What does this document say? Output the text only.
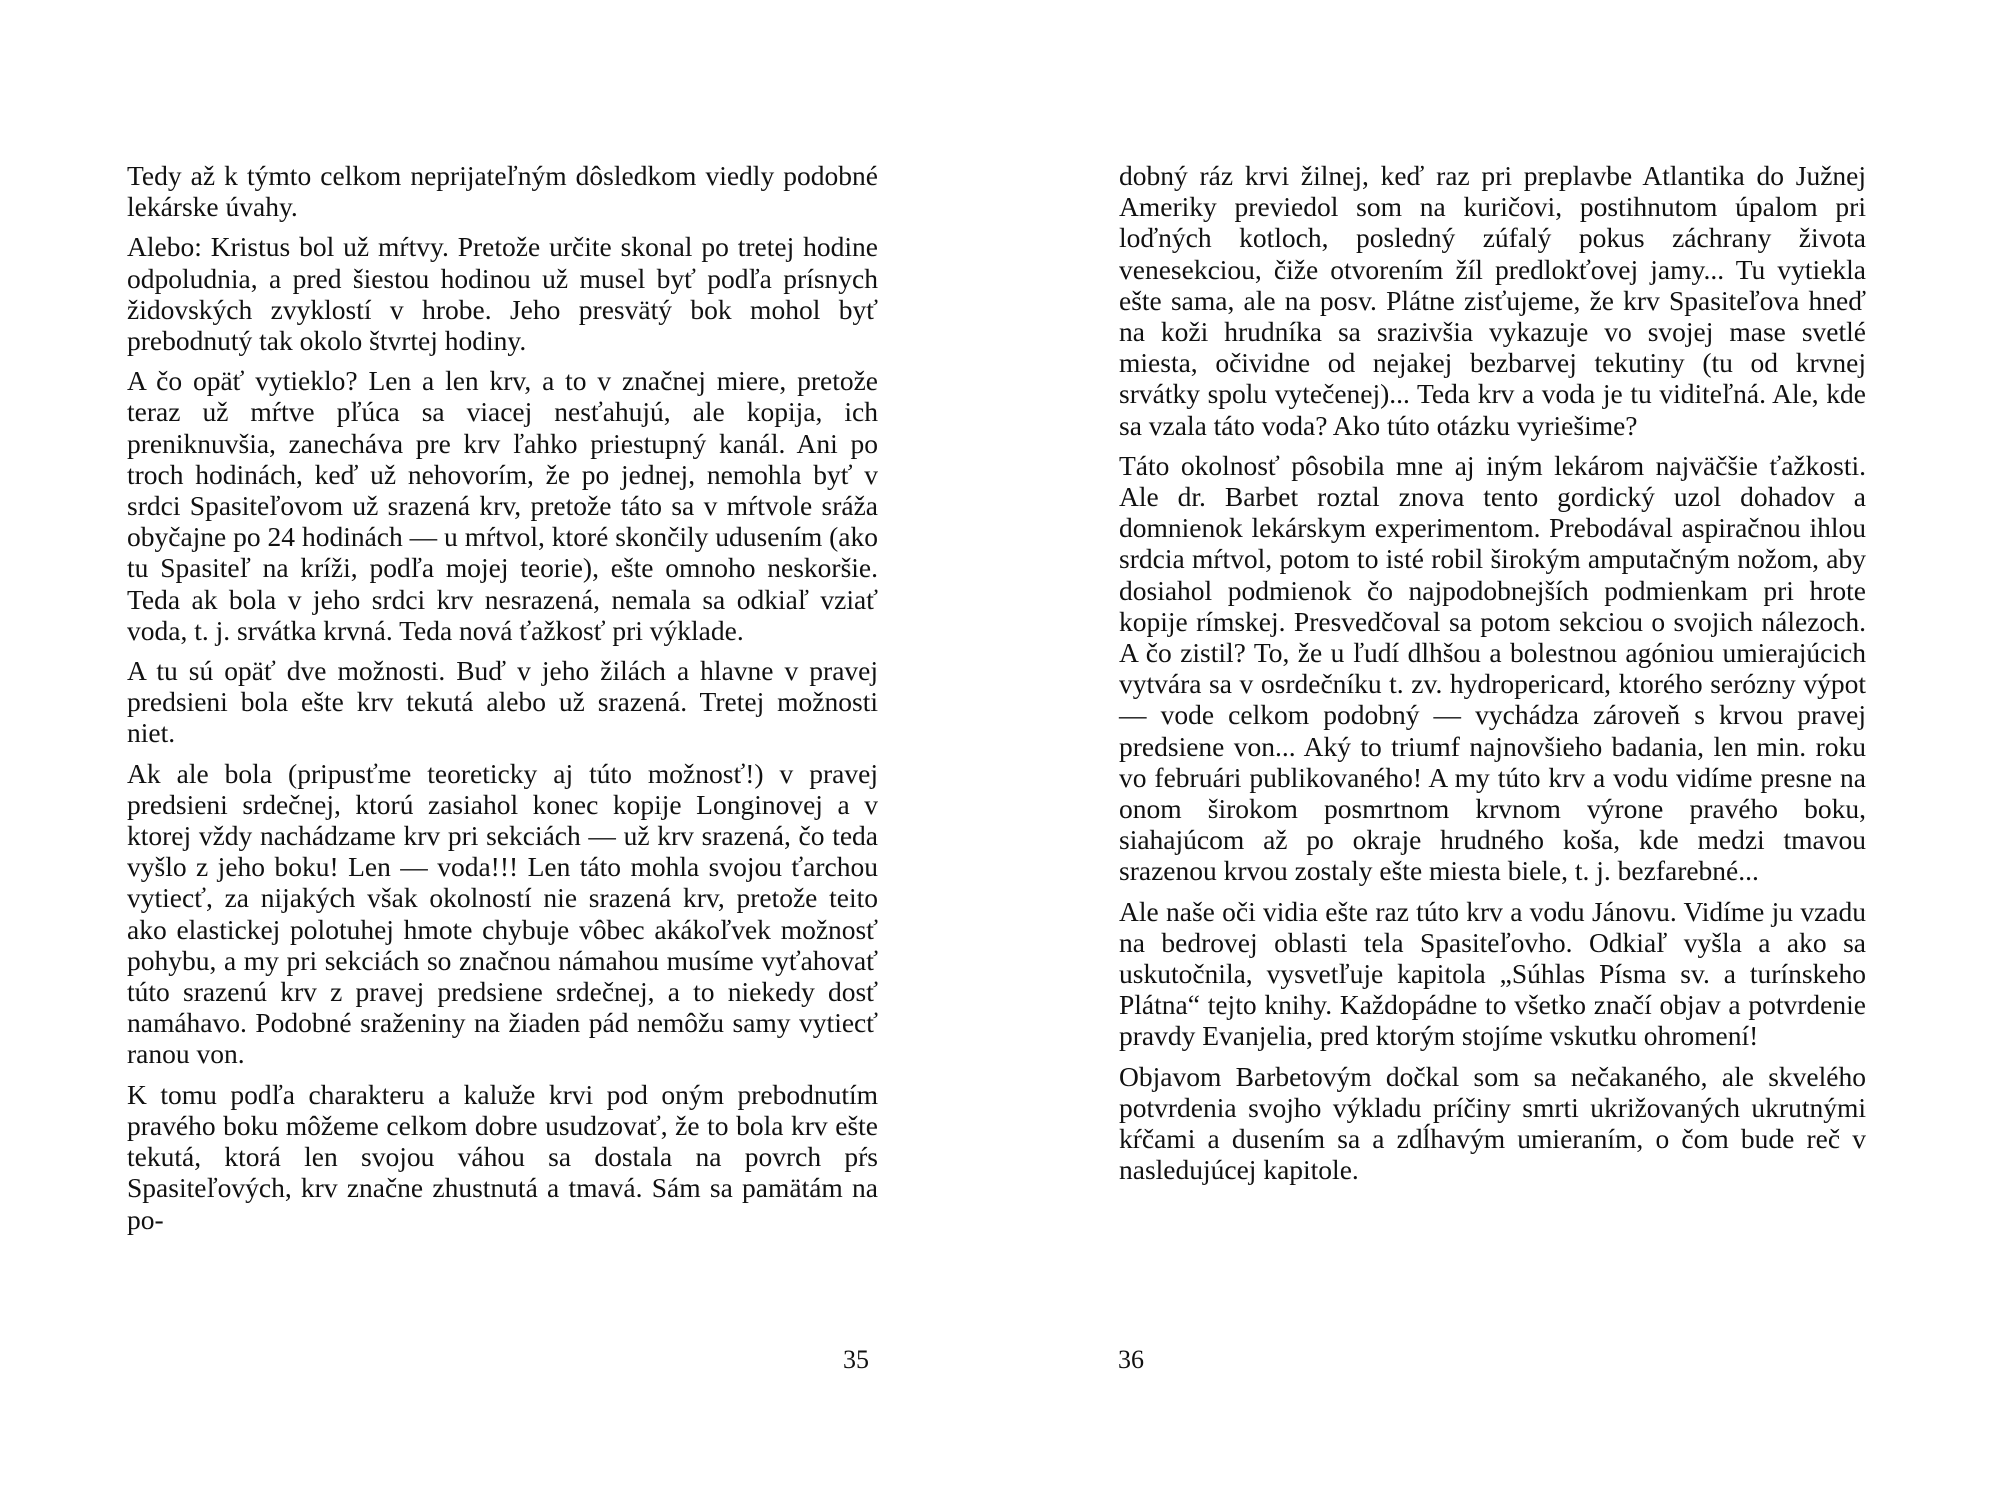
Tedy až k týmto celkom neprijateľným dôsledkom viedly podobné lekárske úvahy.

Alebo: Kristus bol už mŕtvy. Pretože určite skonal po tretej hodine odpoludnia, a pred šiestou hodinou už musel byť podľa prísnych židovských zvyklostí v hrobe. Jeho presvätý bok mohol byť prebodnutý tak okolo štvrtej hodiny.

A čo opäť vytieklo? Len a len krv, a to v značnej miere, pretože teraz už mŕtve pľúca sa viacej nesťahujú, ale kopija, ich preniknuvšia, zanecháva pre krv ľahko priestupný kanál. Ani po troch hodinách, keď už nehovorím, že po jednej, nemohla byť v srdci Spasiteľovom už srazená krv, pretože táto sa v mŕtvole sráža obyčajne po 24 hodinách — u mŕtvol, ktoré skončily udusením (ako tu Spasiteľ na kríži, podľa mojej teorie), ešte omnoho neskoršie. Teda ak bola v jeho srdci krv nesrazená, nemala sa odkiaľ vziať voda, t. j. srvátka krvná. Teda nová ťažkosť pri výklade.

A tu sú opäť dve možnosti. Buď v jeho žilách a hlavne v pravej predsieni bola ešte krv tekutá alebo už srazená. Tretej možnosti niet.

Ak ale bola (pripusťme teoreticky aj túto možnosť!) v pravej predsieni srdečnej, ktorú zasiahol konec kopije Longinovej a v ktorej vždy nachádzame krv pri sekciách — už krv srazená, čo teda vyšlo z jeho boku! Len — voda!!! Len táto mohla svojou ťarchou vytiecť, za nijakých však okolností nie srazená krv, pretože teito ako elastickej polotuhej hmote chybuje vôbec akákoľvek možnosť pohybu, a my pri sekciách so značnou námahou musíme vyťahovať túto srazenú krv z pravej predsiene srdečnej, a to niekedy dosť namáhavo. Podobné sraženiny na žiaden pád nemôžu samy vytiecť ranou von.

K tomu podľa charakteru a kaluže krvi pod oným prebodnutím pravého boku môžeme celkom dobre usudzovať, že to bola krv ešte tekutá, ktorá len svojou váhou sa dostala na povrch pŕs Spasiteľových, krv značne zhustnutá a tmavá. Sám sa pamätám na po-

35

dobný ráz krvi žilnej, keď raz pri preplavbe Atlantika do Južnej Ameriky previedol som na kuričovi, postihnutom úpalom pri loďných kotloch, posledný zúfalý pokus záchrany života venesekciou, čiže otvorením žíl predlokťovej jamy... Tu vytiekla ešte sama, ale na posv. Plátne zisťujeme, že krv Spasiteľova hneď na koži hrudníka sa srazivšia vykazuje vo svojej mase svetlé miesta, očividne od nejakej bezbarvej tekutiny (tu od krvnej srvátky spolu vytečenej)... Teda krv a voda je tu viditeľná. Ale, kde sa vzala táto voda? Ako túto otázku vyriešime?

Táto okolnosť pôsobila mne aj iným lekárom najväčšie ťažkosti. Ale dr. Barbet roztal znova tento gordický uzol dohadov a domnienok lekárskym experimentom. Prebodával aspiračnou ihlou srdcia mŕtvol, potom to isté robil širokým amputačným nožom, aby dosiahol podmienok čo najpodobnejších podmienkam pri hrote kopije rímskej. Presvedčoval sa potom sekciou o svojich nálezoch. A čo zistil? To, že u ľudí dlhšou a bolestnou agóniou umierajúcich vytvára sa v osrdečníku t. zv. hydropericard, ktorého serózny výpot — vode celkom podobný — vychádza zároveň s krvou pravej predsiene von... Aký to triumf najnovšieho badania, len min. roku vo februári publikovaného! A my túto krv a vodu vidíme presne na onom širokom posmrtnom krvnom výrone pravého boku, siahajúcom až po okraje hrudného koša, kde medzi tmavou srazenou krvou zostaly ešte miesta biele, t. j. bezfarebné...

Ale naše oči vidia ešte raz túto krv a vodu Jánovu. Vidíme ju vzadu na bedrovej oblasti tela Spasiteľovho. Odkiaľ vyšla a ako sa uskutočnila, vysvetľuje kapitola „Súhlas Písma sv. a turínskeho Plátna“ tejto knihy. Každopádne to všetko značí objav a potvrdenie pravdy Evanjelia, pred ktorým stojíme vskutku ohromení!

Objavom Barbetovým dočkal som sa nečakaného, ale skvelého potvrdenia svojho výkladu príčiny smrti ukrižovaných ukrutnými kŕčami a dusením sa a zdĺhavým umieraním, o čom bude reč v nasledujúcej kapitole.

36
